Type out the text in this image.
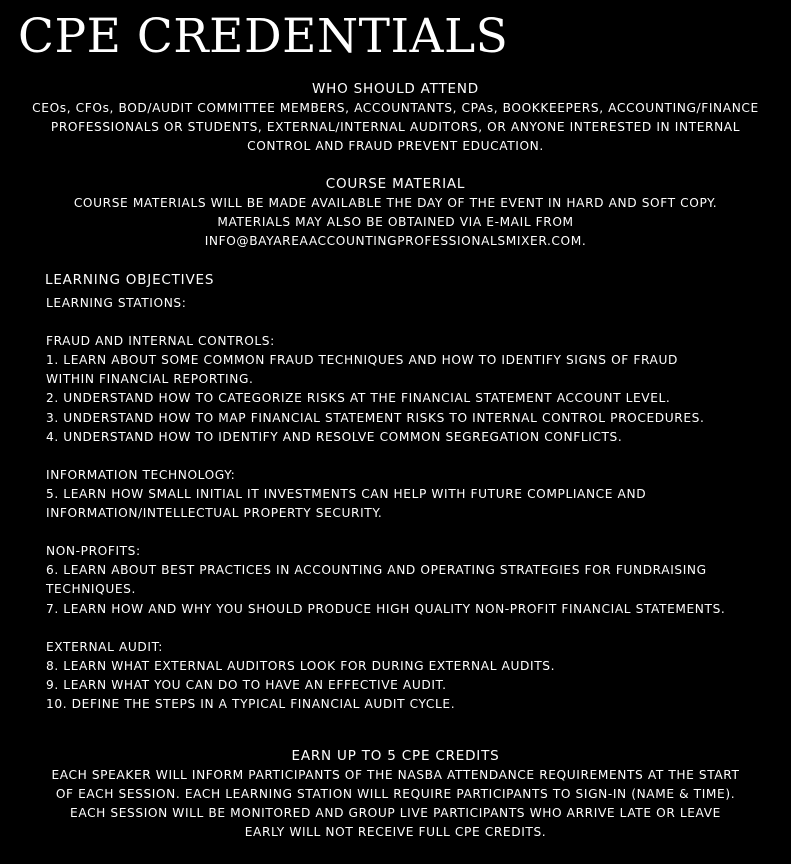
CPE CREDENTIALS
WHO SHOULD ATTEND

CEOs, CFOs, BOD/AUDIT COMMITTEE MEMBERS, ACCOUNTANTS, CPAs, BOOKKEEPERS, ACCOUNTING/FINANCE
PROFESSIONALS OR STUDENTS, EXTERNAL/INTERNAL AUDITORS, OR ANYONE INTERESTED IN INTERNAL
CONTROL AND FRAUD PREVENT EDUCATION.

COURSE MATERIAL

COURSE MATERIALS WILL BE MADE AVAILABLE THE DAY OF THE EVENT IN HARD AND SOFT COPY.
MATERIALS MAY ALSO BE OBTAINED VIA E-MAIL FROM
INFO@BAYAREAACCOUNTINGPROFESSIONALSMIXER.COM.

LEARNING OBJECTIVES

LEARNING STATIONS:
FRAUD AND INTERNAL CONTROLS:
1. LEARN ABOUT SOME COMMON FRAUD TECHNIQUES AND HOW TO IDENTIFY SIGNS OF FRAUD
WITHIN FINANCIAL REPORTING.
2. UNDERSTAND HOW TO CATEGORIZE RISKS AT THE FINANCIAL STATEMENT ACCOUNT LEVEL.
3. UNDERSTAND HOW TO MAP FINANCIAL STATEMENT RISKS TO INTERNAL CONTROL PROCEDURES.
4. UNDERSTAND HOW TO IDENTIFY AND RESOLVE COMMON SEGREGATION CONFLICTS.
INFORMATION TECHNOLOGY:
5. LEARN HOW SMALL INITIAL IT INVESTMENTS CAN HELP WITH FUTURE COMPLIANCE AND
INFORMATION/INTELLECTUAL PROPERTY SECURITY.
NON-PROFITS:
6. LEARN ABOUT BEST PRACTICES IN ACCOUNTING AND OPERATING STRATEGIES FOR FUNDRAISING
TECHNIQUES.
7. LEARN HOW AND WHY YOU SHOULD PRODUCE HIGH QUALITY NON-PROFIT FINANCIAL STATEMENTS.
EXTERNAL AUDIT:
8. LEARN WHAT EXTERNAL AUDITORS LOOK FOR DURING EXTERNAL AUDITS.
9. LEARN WHAT YOU CAN DO TO HAVE AN EFFECTIVE AUDIT.
10. DEFINE THE STEPS IN A TYPICAL FINANCIAL AUDIT CYCLE.

EARN UP TO 5 CPE CREDITS

EACH SPEAKER WILL INFORM PARTICIPANTS OF THE NASBA ATTENDANCE REQUIREMENTS AT THE START
OF EACH SESSION. EACH LEARNING STATION WILL REQUIRE PARTICIPANTS TO SIGN-IN (NAME & TIME).
EACH SESSION WILL BE MONITORED AND GROUP LIVE PARTICIPANTS WHO ARRIVE LATE OR LEAVE
EARLY WILL NOT RECEIVE FULL CPE CREDITS.
